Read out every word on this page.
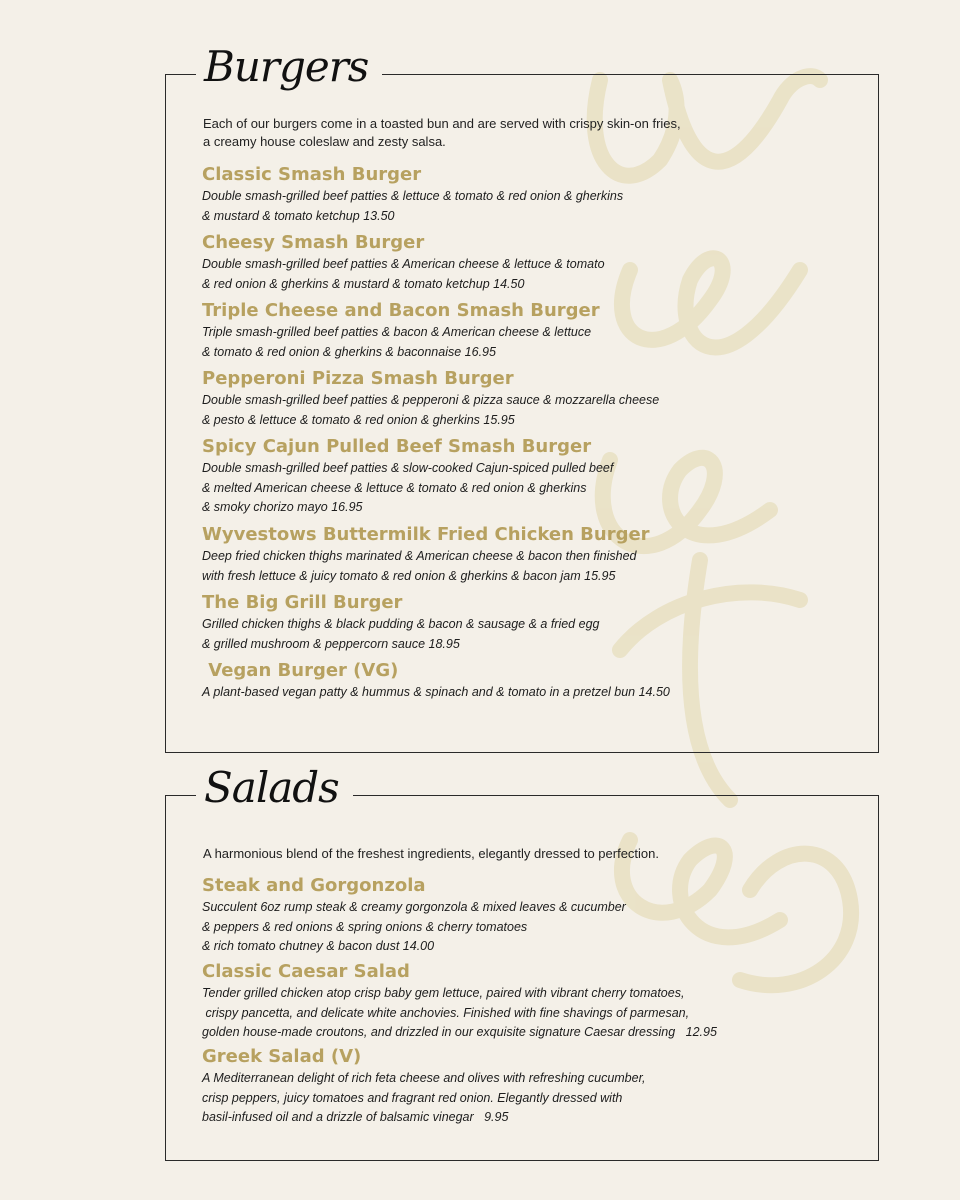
Burgers
Each of our burgers come in a toasted bun and are served with crispy skin-on fries,
a creamy house coleslaw and zesty salsa.
Classic Smash Burger
Double smash-grilled beef patties & lettuce & tomato & red onion & gherkins
& mustard & tomato ketchup 13.50
Cheesy Smash Burger
Double smash-grilled beef patties & American cheese & lettuce & tomato
& red onion & gherkins & mustard & tomato ketchup 14.50
Triple Cheese and Bacon Smash Burger
Triple smash-grilled beef patties & bacon & American cheese & lettuce
& tomato & red onion & gherkins & baconnaise 16.95
Pepperoni Pizza Smash Burger
Double smash-grilled beef patties & pepperoni & pizza sauce & mozzarella cheese
& pesto & lettuce & tomato & red onion & gherkins 15.95
Spicy Cajun Pulled Beef Smash Burger
Double smash-grilled beef patties & slow-cooked Cajun-spiced pulled beef
& melted American cheese & lettuce & tomato & red onion & gherkins
& smoky chorizo mayo 16.95
Wyvestows Buttermilk Fried Chicken Burger
Deep fried chicken thighs marinated & American cheese & bacon then finished
with fresh lettuce & juicy tomato & red onion & gherkins & bacon jam 15.95
The Big Grill Burger
Grilled chicken thighs & black pudding & bacon & sausage & a fried egg
& grilled mushroom & peppercorn sauce 18.95
Vegan Burger (VG)
A plant-based vegan patty & hummus & spinach and & tomato in a pretzel bun 14.50
Salads
A harmonious blend of the freshest ingredients, elegantly dressed to perfection.
Steak and Gorgonzola
Succulent 6oz rump steak & creamy gorgonzola & mixed leaves & cucumber
& peppers & red onions & spring onions & cherry tomatoes
& rich tomato chutney & bacon dust 14.00
Classic Caesar Salad
Tender grilled chicken atop crisp baby gem lettuce, paired with vibrant cherry tomatoes,
crispy pancetta, and delicate white anchovies. Finished with fine shavings of parmesan,
golden house-made croutons, and drizzled in our exquisite signature Caesar dressing   12.95
Greek Salad (V)
A Mediterranean delight of rich feta cheese and olives with refreshing cucumber,
crisp peppers, juicy tomatoes and fragrant red onion. Elegantly dressed with
basil-infused oil and a drizzle of balsamic vinegar   9.95
